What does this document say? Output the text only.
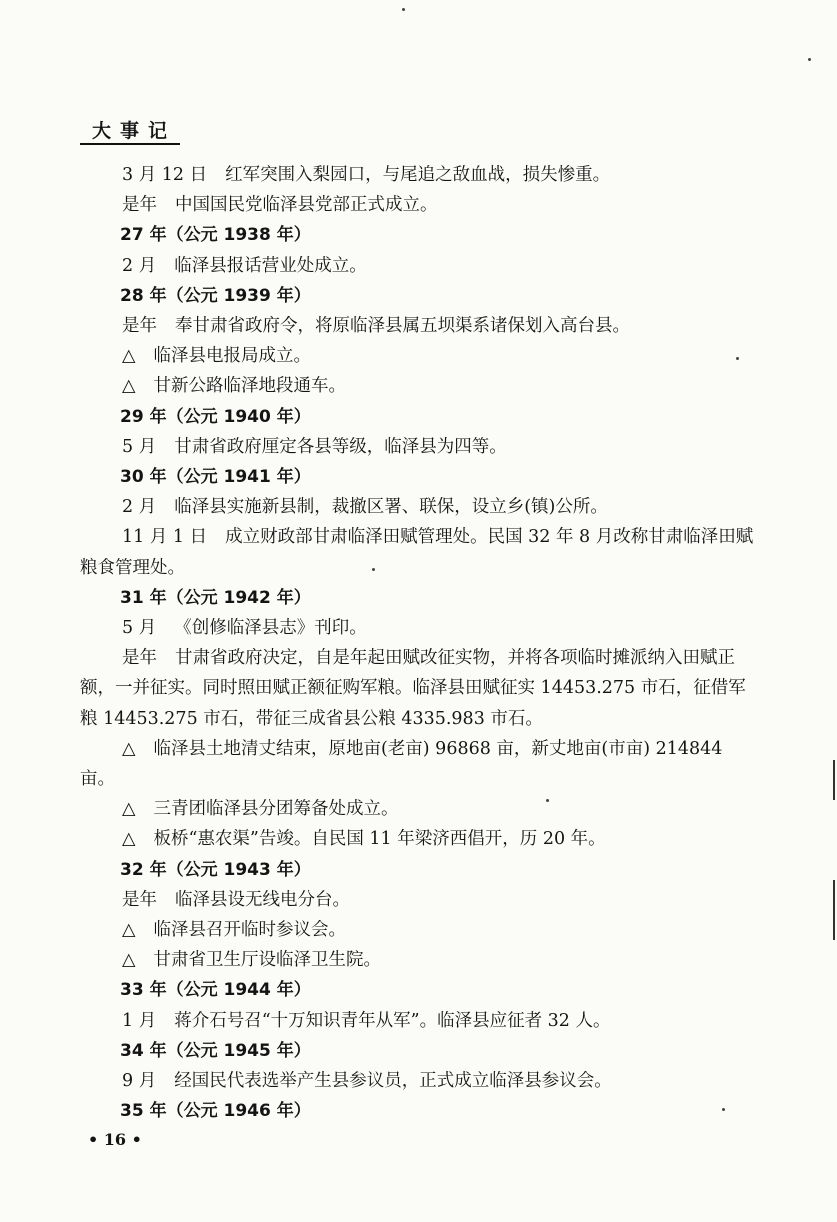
大事记

3 月 12 日 红军突围入梨园口，与尾追之敌血战，损失惨重。

是年 中国国民党临泽县党部正式成立。

27 年（公元 1938 年）

2 月 临泽县报话营业处成立。

28 年（公元 1939 年）

是年 奉甘肃省政府令，将原临泽县属五坝渠系诸保划入高台县。

△ 临泽县电报局成立。

△ 甘新公路临泽地段通车。

29 年（公元 1940 年）

5 月 甘肃省政府厘定各县等级，临泽县为四等。

30 年（公元 1941 年）

2 月 临泽县实施新县制，裁撤区署、联保，设立乡(镇)公所。

11 月 1 日 成立财政部甘肃临泽田赋管理处。民国 32 年 8 月改称甘肃临泽田赋粮食管理处。

31 年（公元 1942 年）

5 月 《创修临泽县志》刊印。

是年 甘肃省政府决定，自是年起田赋改征实物，并将各项临时摊派纳入田赋正额，一并征实。同时照田赋正额征购军粮。临泽县田赋征实 14453.275 市石，征借军粮 14453.275 市石，带征三成省县公粮 4335.983 市石。

△ 临泽县土地清丈结束，原地亩(老亩) 96868 亩，新丈地亩(市亩) 214844 亩。

△ 三青团临泽县分团筹备处成立。

△ 板桥“惠农渠”告竣。自民国 11 年梁济西倡开，历 20 年。

32 年（公元 1943 年）

是年 临泽县设无线电分台。

△ 临泽县召开临时参议会。

△ 甘肃省卫生厅设临泽卫生院。

33 年（公元 1944 年）

1 月 蒋介石号召“十万知识青年从军”。临泽县应征者 32 人。

34 年（公元 1945 年）

9 月 经国民代表选举产生县参议员，正式成立临泽县参议会。

35 年（公元 1946 年）

• 16 •
